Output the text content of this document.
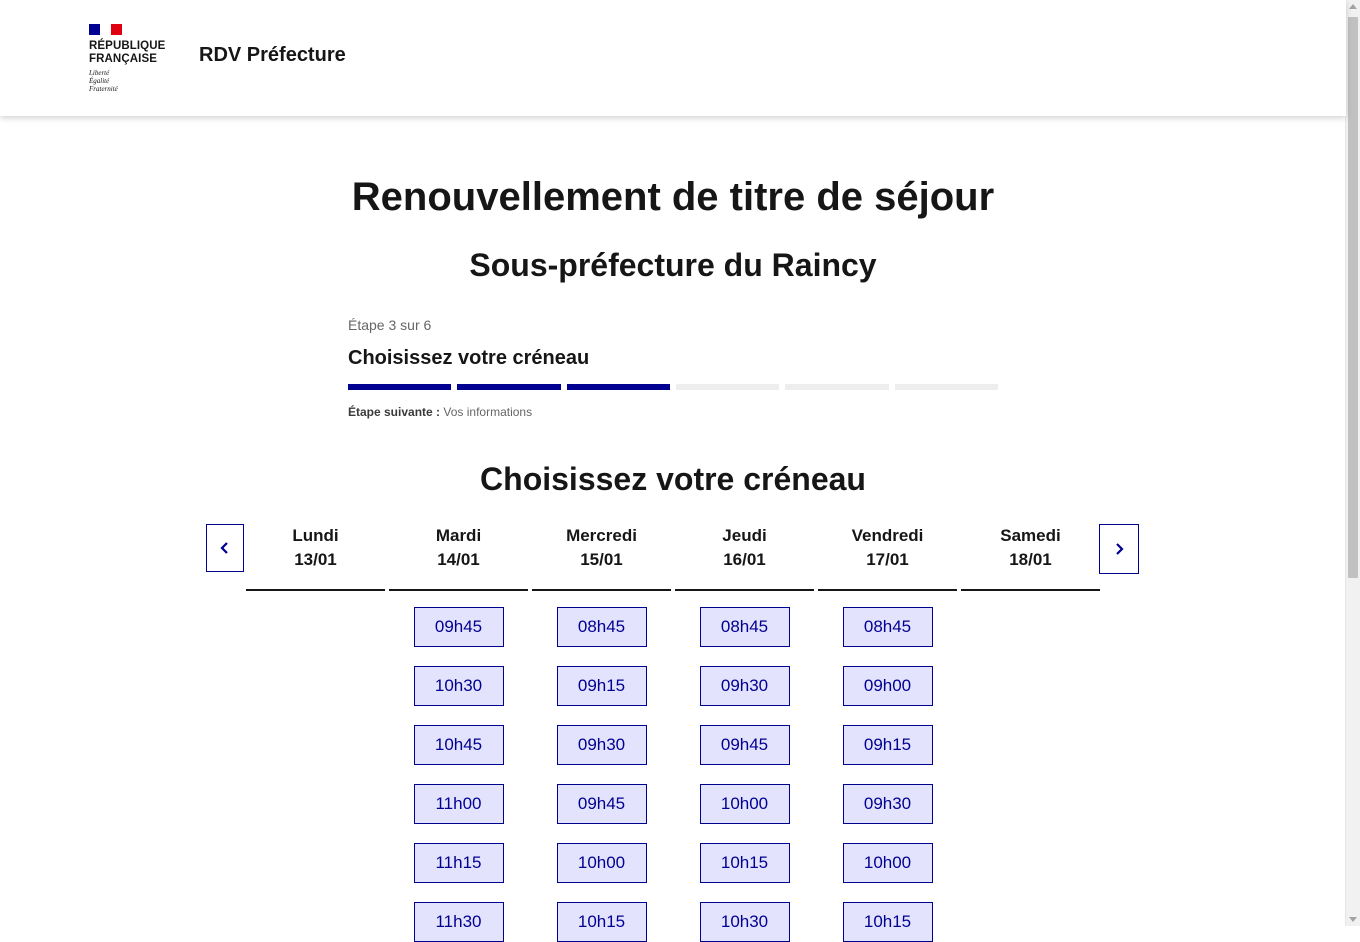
RÉPUBLIQUE
FRANÇAISE
Liberté
Égalité
Fraternité
RDV Préfecture
Renouvellement de titre de séjour
Sous-préfecture du Raincy
Étape 3 sur 6
Choisissez votre créneau
Étape suivante : Vos informations
Choisissez votre créneau
Lundi
13/01
Mardi
14/01
09h45
10h30
10h45
11h00
11h15
11h30
Mercredi
15/01
08h45
09h15
09h30
09h45
10h00
10h15
Jeudi
16/01
08h45
09h30
09h45
10h00
10h15
10h30
Vendredi
17/01
08h45
09h00
09h15
09h30
10h00
10h15
Samedi
18/01
